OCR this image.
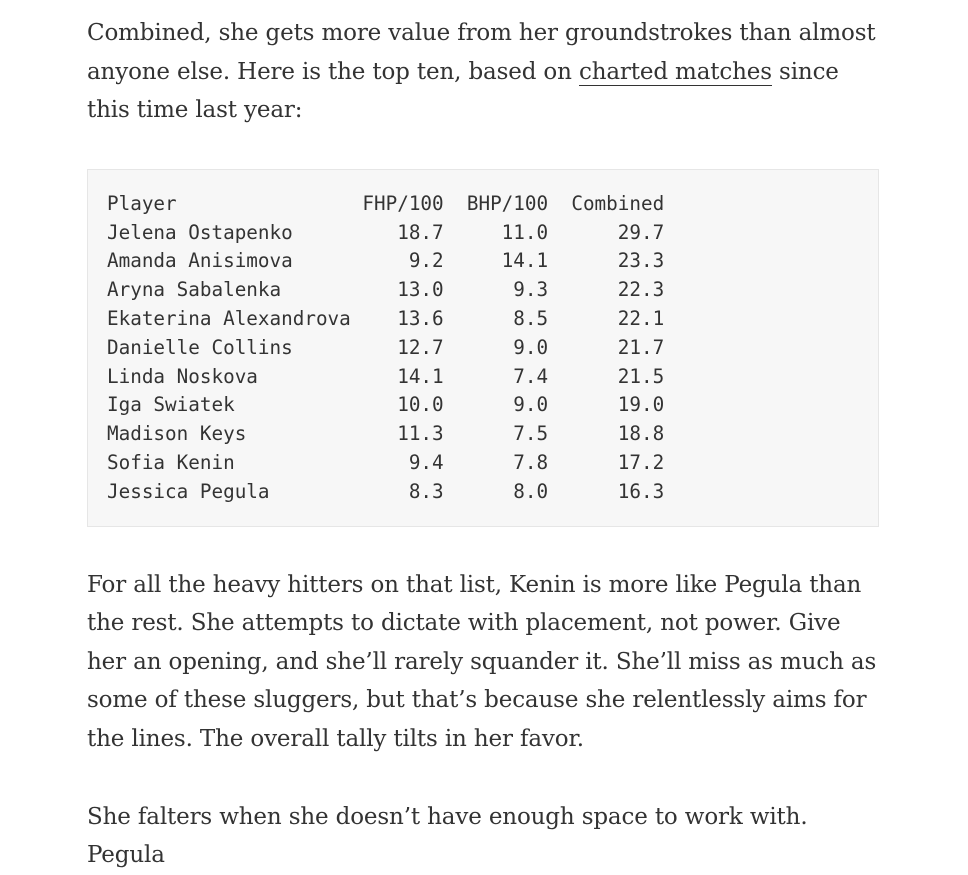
Combined, she gets more value from her groundstrokes than almost anyone else. Here is the top ten, based on charted matches since this time last year:

Player                FHP/100  BHP/100  Combined
Jelena Ostapenko         18.7     11.0      29.7
Amanda Anisimova          9.2     14.1      23.3
Aryna Sabalenka          13.0      9.3      22.3
Ekaterina Alexandrova    13.6      8.5      22.1
Danielle Collins         12.7      9.0      21.7
Linda Noskova            14.1      7.4      21.5
Iga Swiatek              10.0      9.0      19.0
Madison Keys             11.3      7.5      18.8
Sofia Kenin               9.4      7.8      17.2
Jessica Pegula            8.3      8.0      16.3

For all the heavy hitters on that list, Kenin is more like Pegula than the rest. She attempts to dictate with placement, not power. Give her an opening, and she’ll rarely squander it. She’ll miss as much as some of these sluggers, but that’s because she relentlessly aims for the lines. The overall tally tilts in her favor.

She falters when she doesn’t have enough space to work with. Pegula
